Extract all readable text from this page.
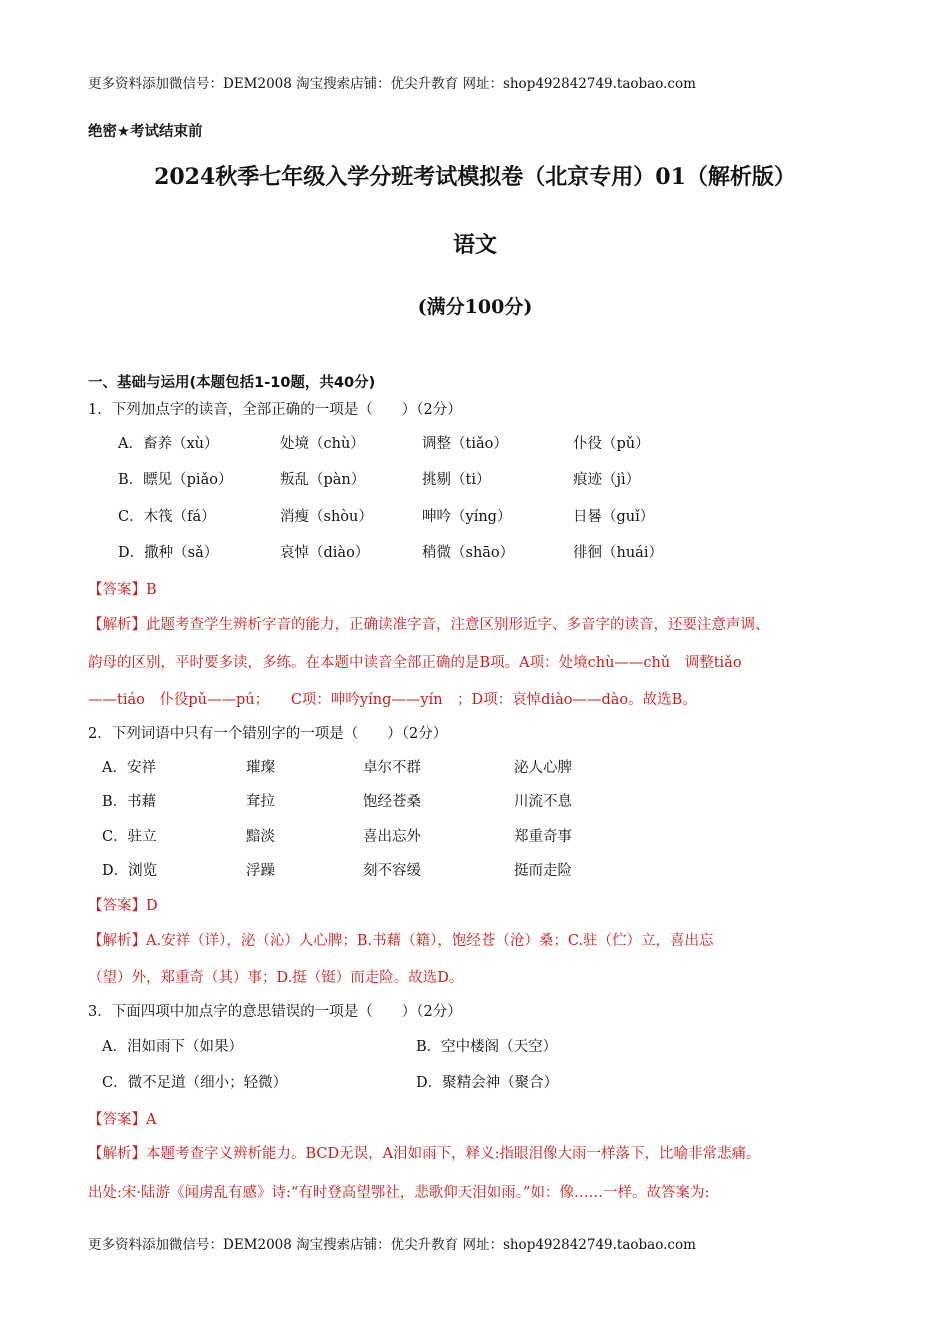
更多资料添加微信号：DEM2008 淘宝搜索店铺：优尖升教育 网址：shop492842749.taobao.com
绝密★考试结束前
2024秋季七年级入学分班考试模拟卷（北京专用）01（解析版）
语文
(满分100分)
一、基础与运用(本题包括1-10题，共40分)
1．下列加点字的读音，全部正确的一项是（　　）（2分）
A．畜养（xù）	处境（chù）	调整（tiǎo）	仆役（pǔ）
B．瞟见（piǎo）	叛乱（pàn）	挑剔（ti）	痕迹（jì）
C．木筏（fá）	消瘦（shòu）	呻吟（yíng）	日晷（guǐ）
D．撒种（sǎ）	哀悼（diào）	稍微（shāo）	徘徊（huái）
【答案】B
【解析】此题考查学生辨析字音的能力，正确读准字音，注意区别形近字、多音字的读音，还要注意声调、
韵母的区别，平时要多读，多练。在本题中读音全部正确的是B项。A项：处境chù——chǔ　调整tiǎo
——tiáo　仆役pǔ——pú；　　C项：呻吟yíng——yín　；D项：哀悼diào——dào。故选B。
2．下列词语中只有一个错别字的一项是（　　）（2分）
A．安祥	璀璨	卓尔不群	泌人心脾
B．书藉	耷拉	饱经苍桑	川流不息
C．驻立	黯淡	喜出忘外	郑重奇事
D．浏览	浮躁	刻不容缓	挺而走险
【答案】D
【解析】A.安祥（详），泌（沁）人心脾；B.书藉（籍），饱经苍（沧）桑；C.驻（伫）立，喜出忘
（望）外，郑重奇（其）事；D.挺（铤）而走险。故选D。
3．下面四项中加点字的意思错误的一项是（　　）（2分）
A．泪如雨下（如果）	B．空中楼阁（天空）
C．微不足道（细小；轻微）	D．聚精会神（聚合）
【答案】A
【解析】本题考查字义辨析能力。BCD无误，A泪如雨下，释义:指眼泪像大雨一样落下，比喻非常悲痛。
出处:宋·陆游《闻虏乱有感》诗:“有时登高望鄂社，悲歌仰天泪如雨。”如：像……一样。故答案为:
更多资料添加微信号：DEM2008 淘宝搜索店铺：优尖升教育 网址：shop492842749.taobao.com
